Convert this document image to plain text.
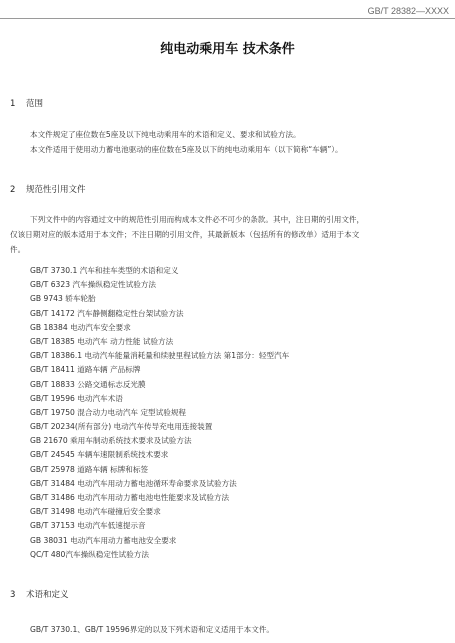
GB/T 28382—XXXX
纯电动乘用车 技术条件
1 范围
本文件规定了座位数在5座及以下纯电动乘用车的术语和定义、要求和试验方法。
本文件适用于使用动力蓄电池驱动的座位数在5座及以下的纯电动乘用车（以下简称“车辆”）。
2 规范性引用文件
下列文件中的内容通过文中的规范性引用而构成本文件必不可少的条款。其中，注日期的引用文件，
仅该日期对应的版本适用于本文件；不注日期的引用文件，其最新版本（包括所有的修改单）适用于本文
件。
GB/T 3730.1 汽车和挂车类型的术语和定义
GB/T 6323 汽车操纵稳定性试验方法
GB 9743 轿车轮胎
GB/T 14172 汽车静侧翻稳定性台架试验方法
GB 18384 电动汽车安全要求
GB/T 18385 电动汽车 动力性能 试验方法
GB/T 18386.1 电动汽车能量消耗量和续驶里程试验方法 第1部分：轻型汽车
GB/T 18411 道路车辆 产品标牌
GB/T 18833 公路交通标志反光膜
GB/T 19596 电动汽车术语
GB/T 19750 混合动力电动汽车 定型试验规程
GB/T 20234(所有部分) 电动汽车传导充电用连接装置
GB 21670 乘用车制动系统技术要求及试验方法
GB/T 24545 车辆车速限制系统技术要求
GB/T 25978 道路车辆 标牌和标签
GB/T 31484 电动汽车用动力蓄电池循环寿命要求及试验方法
GB/T 31486 电动汽车用动力蓄电池电性能要求及试验方法
GB/T 31498 电动汽车碰撞后安全要求
GB/T 37153 电动汽车低速提示音
GB 38031 电动汽车用动力蓄电池安全要求
QC/T 480汽车操纵稳定性试验方法
3 术语和定义
GB/T 3730.1、GB/T 19596界定的以及下列术语和定义适用于本文件。
